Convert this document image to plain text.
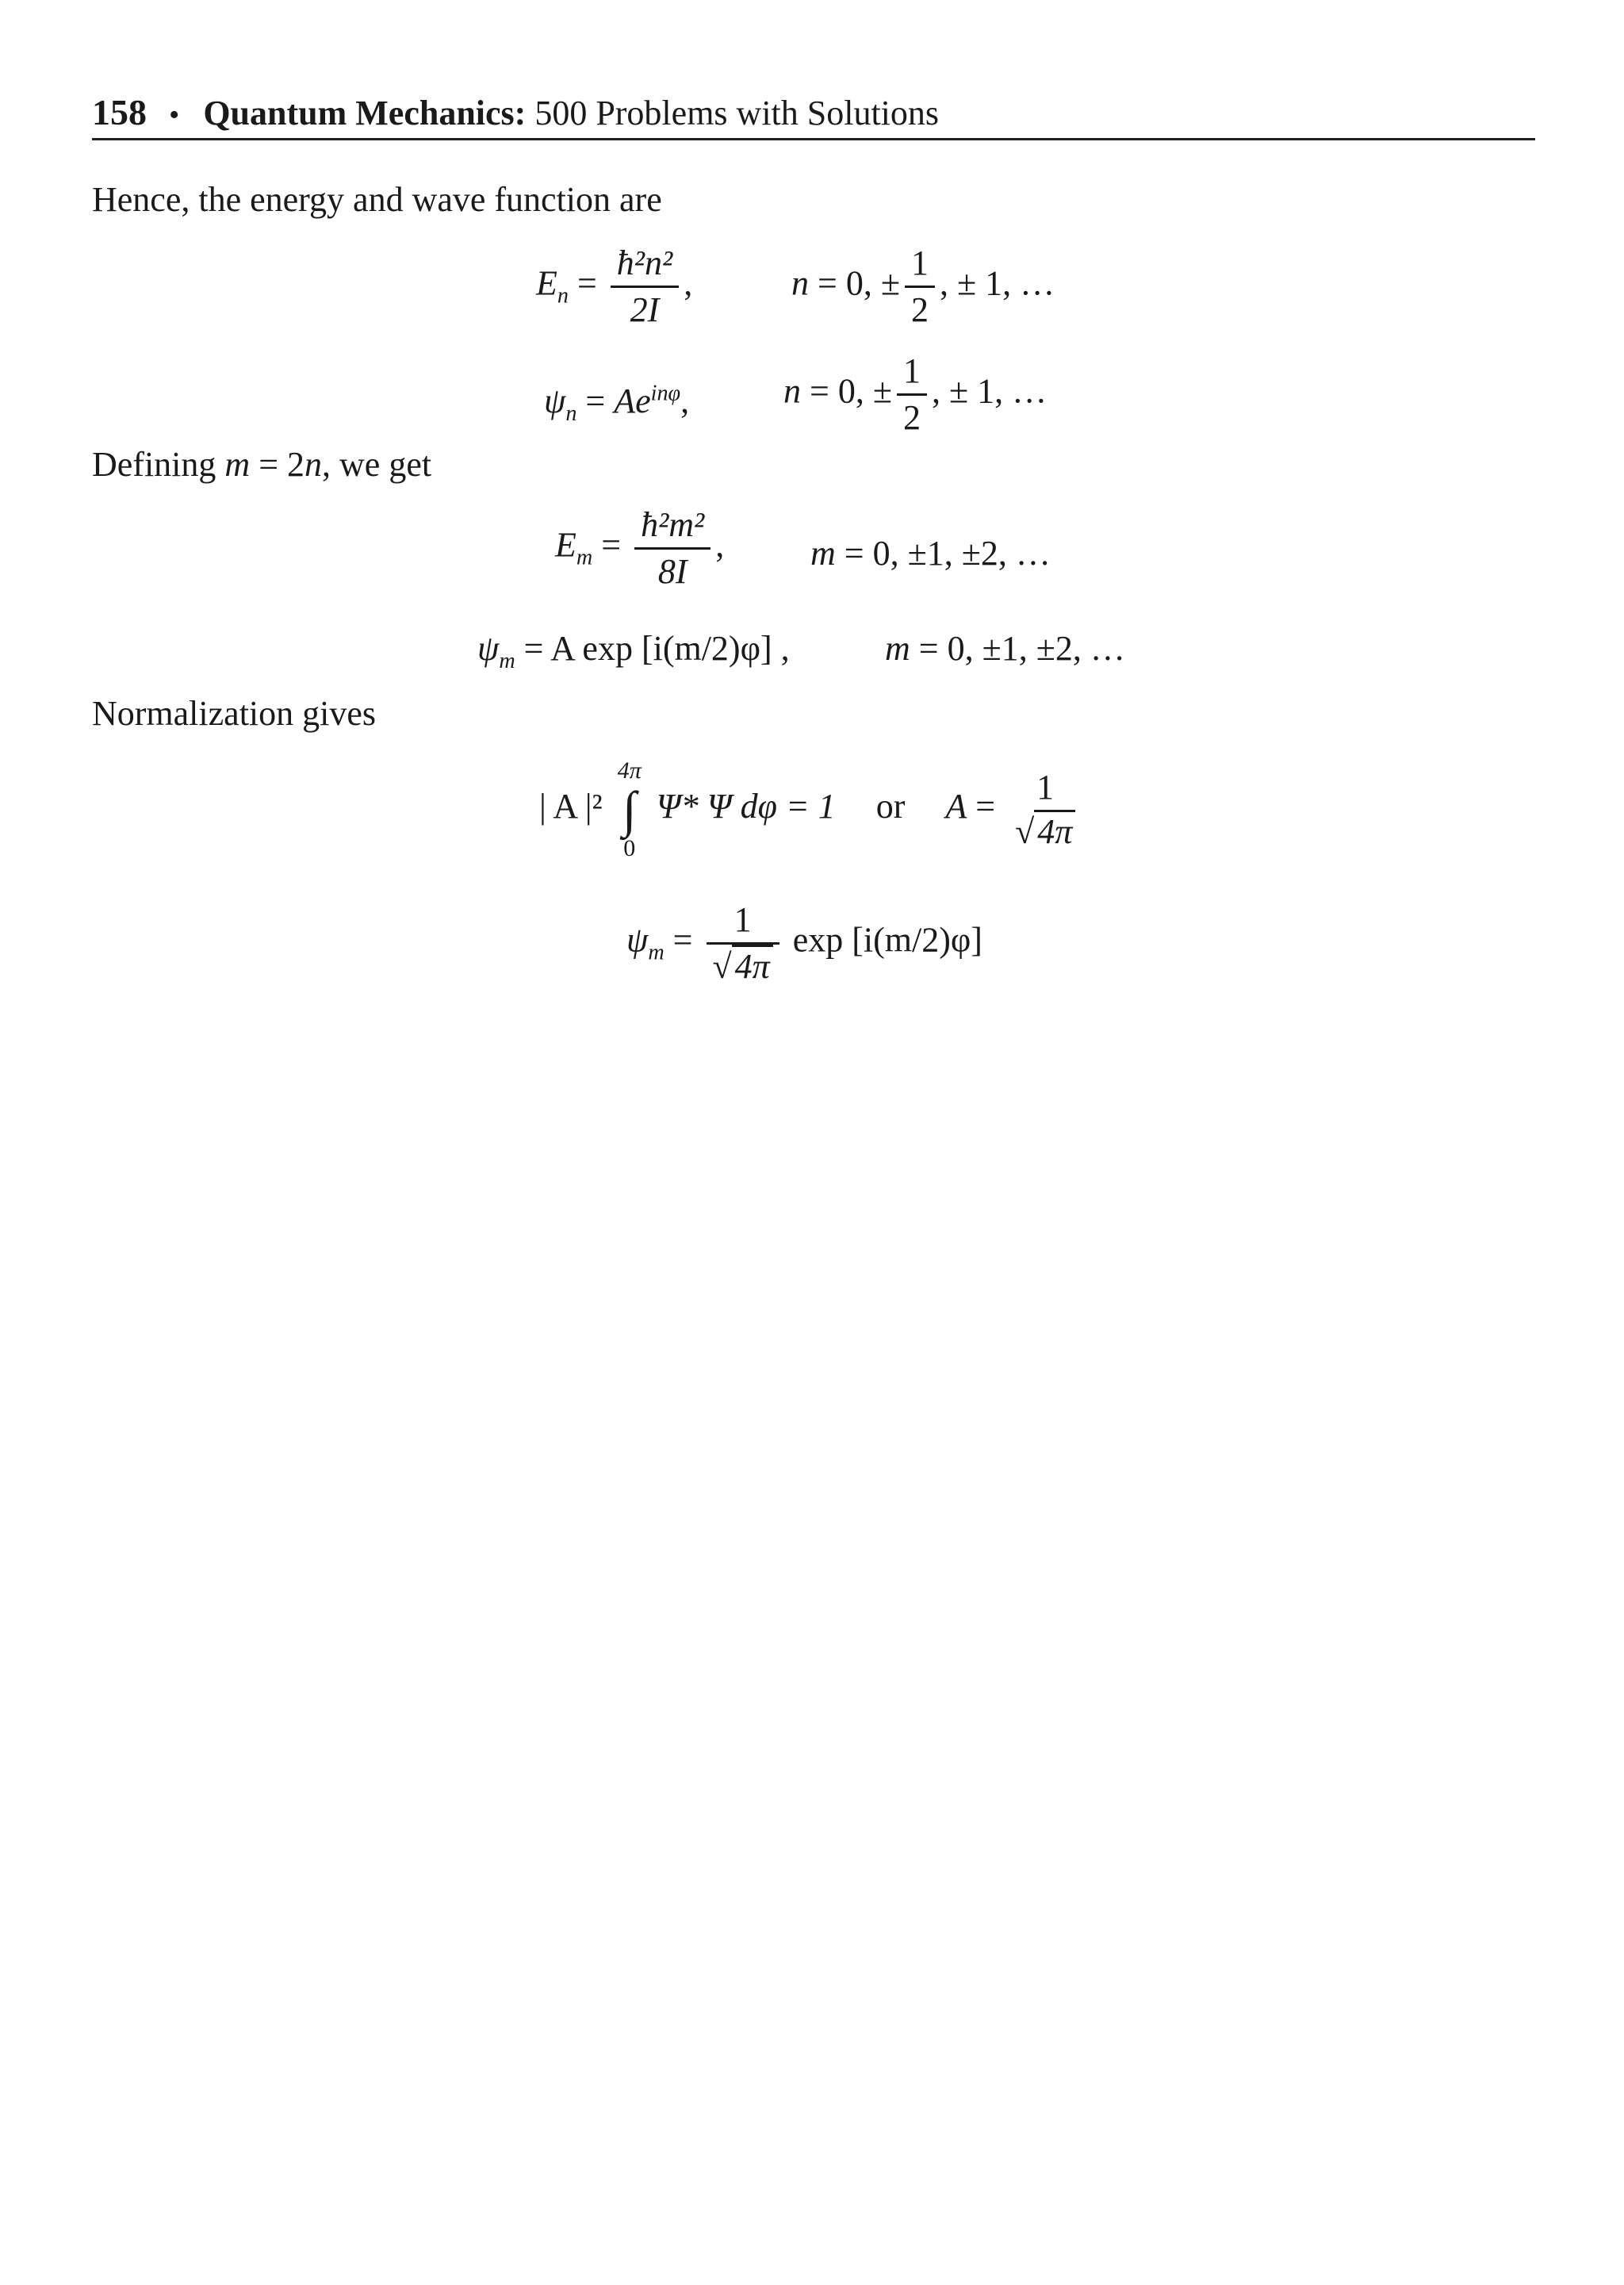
158 • Quantum Mechanics: 500 Problems with Solutions
Hence, the energy and wave function are
$E_n = \frac{\text{ħ²n²}}{2I}$ ,	n = 0, ± $\frac{1}{2}$ , ± 1, …
$\psi_n = Ae^{in\varphi}$,	n = 0, ± $\frac{1}{2}$ , ± 1, …
Defining m = 2n, we get
$E_m = \frac{\text{ħ²m²}}{8I}$ , m = 0, ±1, ±2, …
$\psi_m = A$ exp [i(m/2)φ] ,	m = 0, ±1, ±2, …
Normalization gives
| A |²
4π
∫
0
Ψ* Ψ dφ = 1 or A =	1
√4π
$\psi_m = \frac{1}{√4\pi}$ exp [i(m/2)φ]
